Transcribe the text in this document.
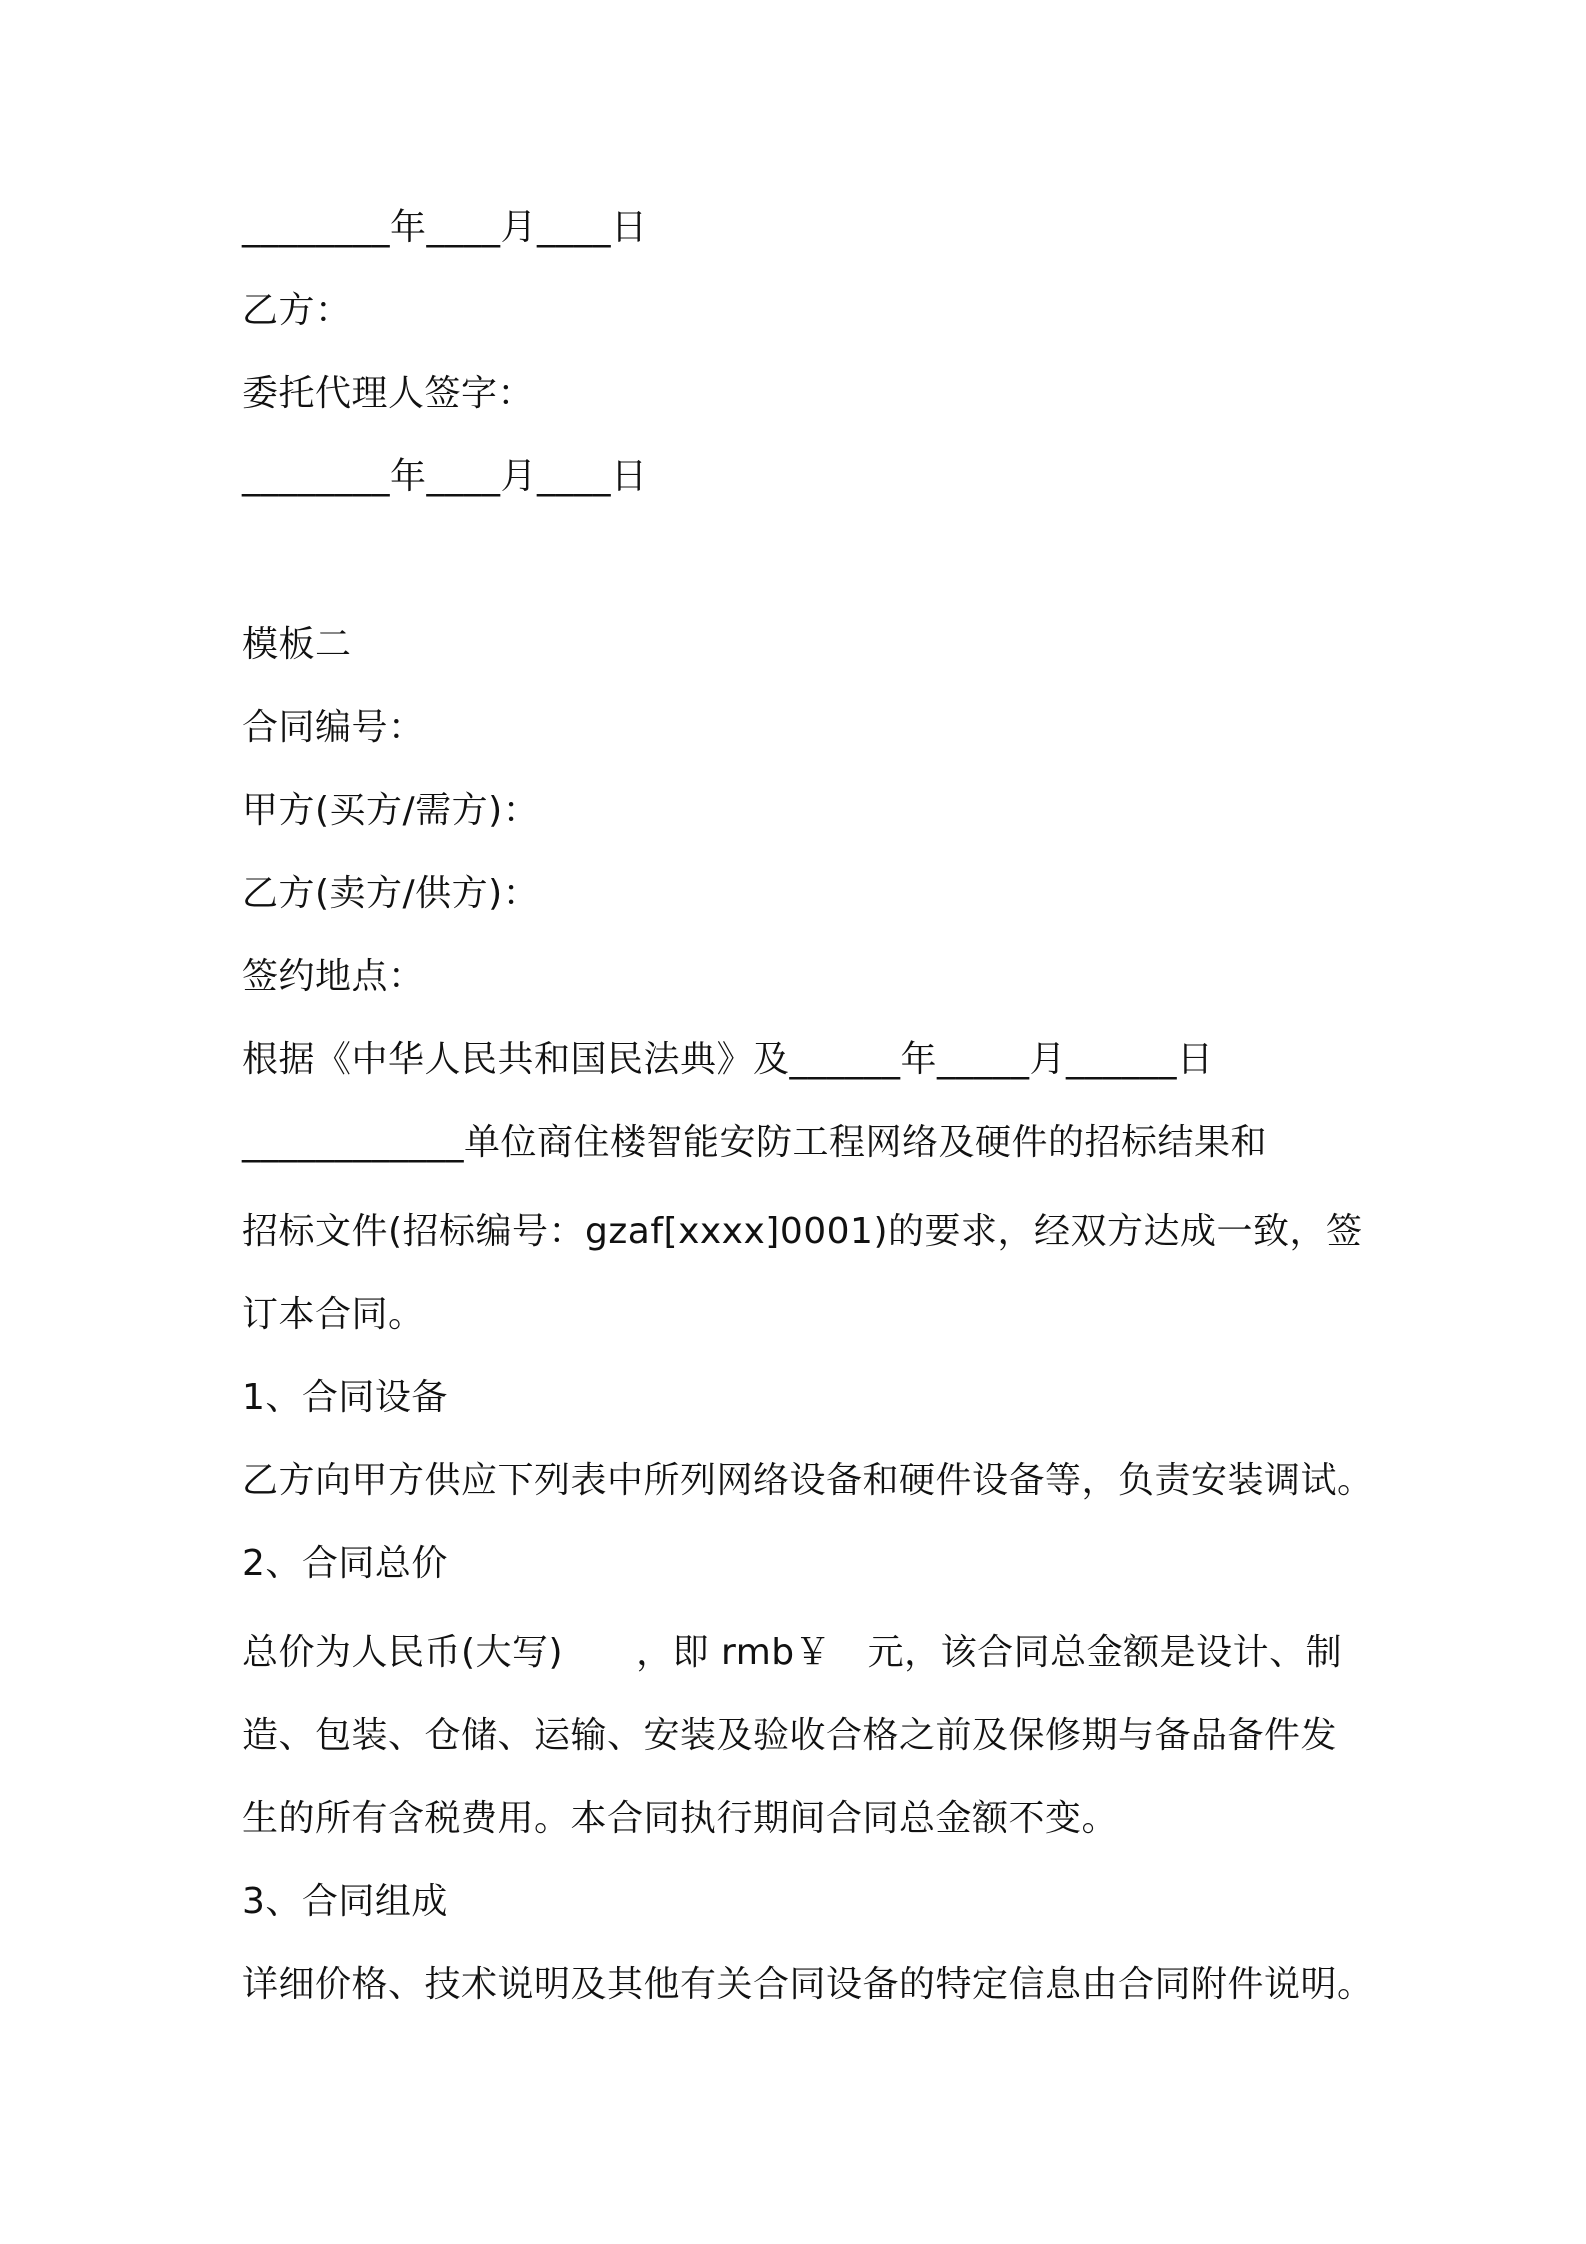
________年____月____日
乙方：
委托代理人签字：
________年____月____日
模板二
合同编号：
甲方(买方/需方)：
乙方(卖方/供方)：
签约地点：
根据《中华人民共和国民法典》及______年_____月______日
____________单位商住楼智能安防工程网络及硬件的招标结果和
招标文件(招标编号：gzaf[xxxx]0001)的要求，经双方达成一致，签
订本合同。
1、合同设备
乙方向甲方供应下列表中所列网络设备和硬件设备等，负责安装调试。
2、合同总价
总价为人民币(大写)　　，即 rmb￥　元，该合同总金额是设计、制
造、包装、仓储、运输、安装及验收合格之前及保修期与备品备件发
生的所有含税费用。本合同执行期间合同总金额不变。
3、合同组成
详细价格、技术说明及其他有关合同设备的特定信息由合同附件说明。
